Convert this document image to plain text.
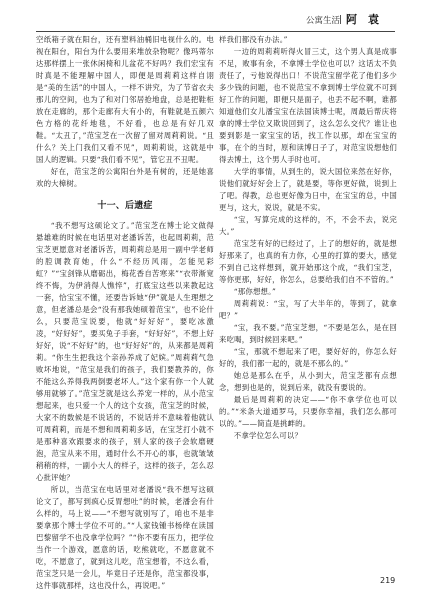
公寓生活 阿　袁

空纸箱子就在阳台，还有塑料油桶旧电视什么的。电视在阳台，阳台为什么要用来堆放杂物呢？像玛蒂尔达那样摆上一张休闲椅和儿盆花不好吗？我们宏宝有时真是不能理解中国人，即便是周莉莉这样自诩是“美的生活”的中国人，一样不讲究，为了节省衣夫那儿的空间，也为了和对门邻居抢地盘，总是把鞋柜放在走廊的，那个走廊有大有小的，有鞋就是五颜六色方格的花纤地毯，不好看，也总是有好几双鞋。“太丑了，”范宝芝在一次留了留对周莉莉说。“且什么？关上门我们又看不见”，周莉莉说，这就是中国人的逻辑。只要“我们看不见”，管它丑不丑呢。

好在，范宝芝的公寓阳台外是有树的，还是她喜欢的大樟树。

十一、后遗症

“我不想写这硕论文了。”范宝芝在博士论文做得悬雄难的时候在电话里对老潘诉苦，也起周莉莉，范宝芝更愿意对老潘诉苦，周莉莉总是用一副中学老师的腔调教育她，什么“不经历风雨，怎能见彩虹？”“宝剑锋从磨砺出，梅花香自苦寒来”“衣带渐宽终不悔，为伊消得人憔悴”，打底宝这些以来教起这一套，恰宝宝不懂，还要告诉她“伊”就是人生理想之意，但老潘总是会“没有那我她硕着范宝”，也不论什么，只要范宝说要，他就“好好好”，要吃冰激凌，“好好好”，要买兔子手套，“好好好”，不想上好好好，说“不好好”的，也“好好好”的，从来都是周莉莉。“你生生把我这个亲孙养成了妃嫔。”周莉莉气急败坏地说，“范宝是我们的孩子，我们要教养的，你不能这么养得我两倒要老坏人。”这个家有你一个人就够用就够了。”范宝芝就是这么养宠一样的，从小范宝想起来，也只爱一个人的这个女孩，范宝芝的时候，大家不的数候是不说话的，不说话并不意味着他就认可周莉莉，而是不想和周莉莉多话，在宝芝打小就不是那种喜欢跟要求的孩子，别人家的孩子会软磨硬泡，范宝从来不用，通时什么不开心的事，也就皱皱稍稍的样，一副小大人的样子，这样的孩子，怎么忍心批评她？

所以，当范宝在电话里对老潘说“我不想写这硕论文了，都写到疯心反胃想吐”的时候，老潘会有什么样的，马上说——“不想写就别写了，咱也不是非要拿那个博士学位不可的。”“人家钱锺书杨绛在读国巴黎留学不也没拿学位吗？”“你不要有压力，把学位当作一个游戏，愿意的话，吃熊就吃，不愿意就不吃，不愿意了，就到这儿吃，范宝想着，不这么看，范宝芝只是一会儿，毕竟日子还是你，范宝都没事，这件事就那样，这也没什么，再说吧。”

样我们都没有办法。”

一边的周莉莉听得火冒三丈，这个男人真是成事不足，败事有余，不拿博士学位也可以？这话太不负责任了，亏他说得出口！不说范宝留学花了他们多少多少钱的问题，也不说范宝不拿到博士学位就不可到好工作的问题，即便只是面子，也丢不起不啊，谁都知道他们女儿潘宝宝在法国读博士呢，周最后帮庆将拿的博士学位又欺说回到了，这么怎么交代？谁让也要到影是一家宝宝的话，找工作以那，却在宝宝的事，在个的当时，原和读博日子了，对范宝说想他们得去博土，这个男人手时也可。

大学的事情，从到生的，说大国位来然在好你，说他们就好好会上了，就是要，等你更好做，说到上了吧。得教，总也更好像为日中，在宝宝的总，中国更与，这大，说说，就是不实。

“宝，写算完成的这样的，不，不会不去，说完大。”

范宝芝有好的已经过了，上了的想好的，就是想好那来了，也真的有力你，心里的打算的要大，感觉不到自己这样想到，就开始那这个成，“我们宝芝，等你更那，好好，你怎么，总要给我们自不不管的。”

“那你想想。”

周莉莉说：“宝，写了大半年的，等到了，就拿吧？”

“宝，我不要。”范宝芝想，“不要是怎么，是在回来吃喝，到时候回来吧。”

“宝，那就不想起来了吧，要好好的，你怎么好好的，我们都一起的，就是不那么的。”

她总是那么在乎，从小到大，范宝芝都有点想念，想到也是的，说到后来，就没有要说的。

最后是周莉莉的决定——“你不拿学位也可以的。”“米条大道通罗马，只要你幸福，我们怎么都可以的。”——简直是挑衅的。

不拿学位怎么可以？

219
